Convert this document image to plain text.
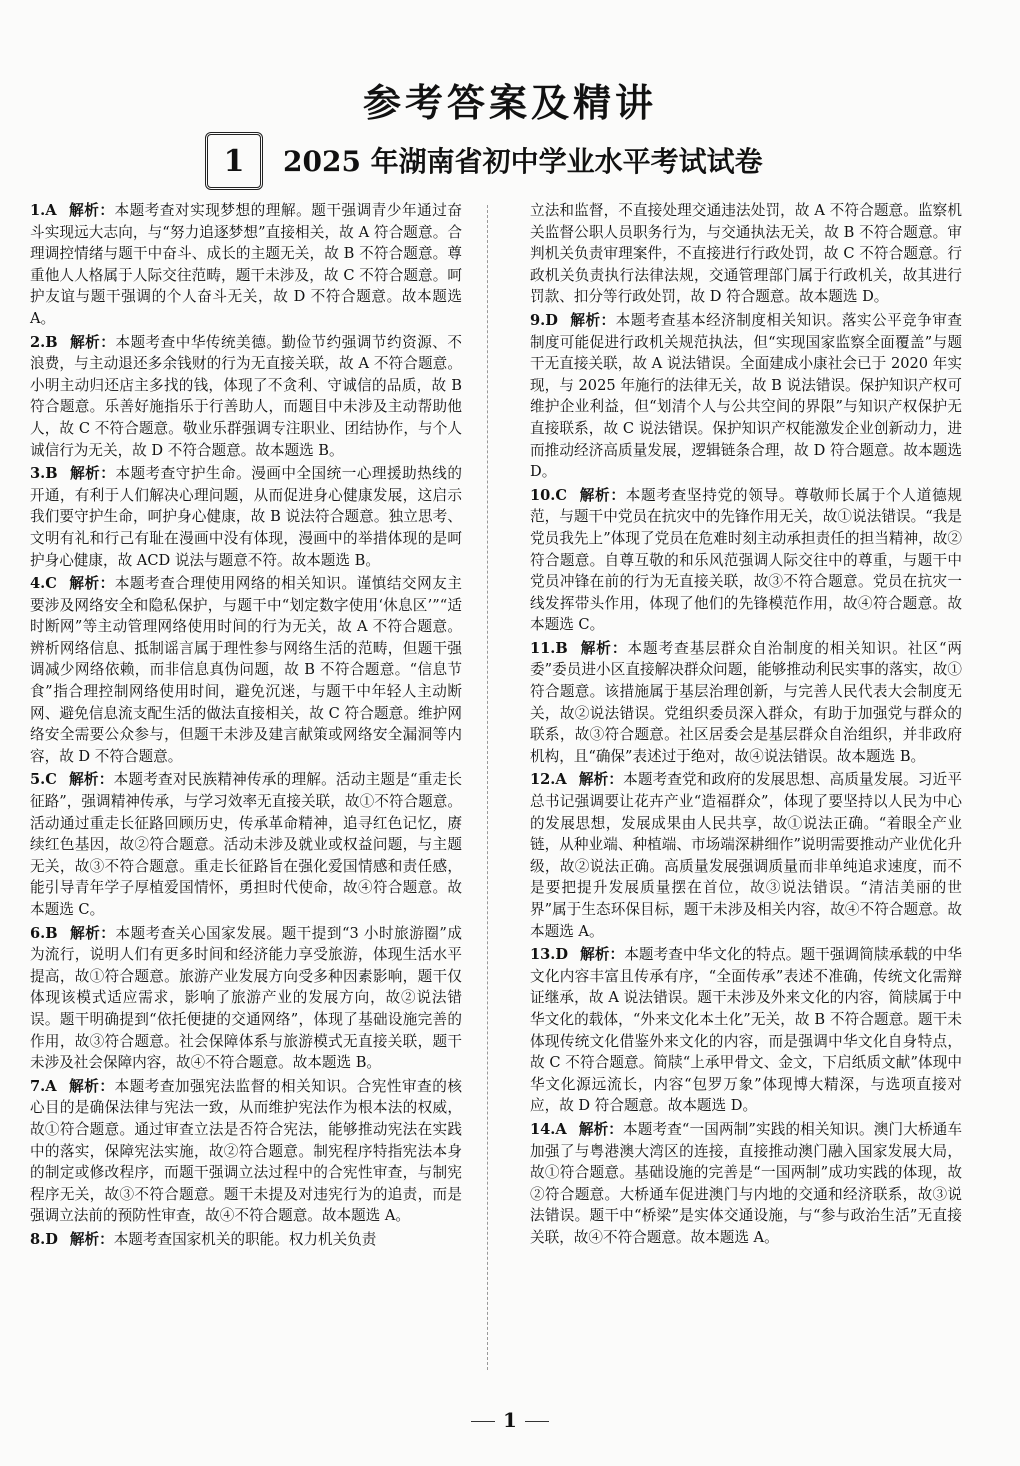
参考答案及精讲
1	2025 年湖南省初中学业水平考试试卷
1.A 解析：本题考查对实现梦想的理解。题干强调青少年通过奋斗实现远大志向，与“努力追逐梦想”直接相关，故 A 符合题意。合理调控情绪与题干中奋斗、成长的主题无关，故 B 不符合题意。尊重他人人格属于人际交往范畴，题干未涉及，故 C 不符合题意。呵护友谊与题干强调的个人奋斗无关，故 D 不符合题意。故本题选 A。
2.B 解析：本题考查中华传统美德。勤俭节约强调节约资源、不浪费，与主动退还多余钱财的行为无直接关联，故 A 不符合题意。小明主动归还店主多找的钱，体现了不贪利、守诚信的品质，故 B 符合题意。乐善好施指乐于行善助人，而题目中未涉及主动帮助他人，故 C 不符合题意。敬业乐群强调专注职业、团结协作，与个人诚信行为无关，故 D 不符合题意。故本题选 B。
3.B 解析：本题考查守护生命。漫画中全国统一心理援助热线的开通，有利于人们解决心理问题，从而促进身心健康发展，这启示我们要守护生命，呵护身心健康，故 B 说法符合题意。独立思考、文明有礼和行己有耻在漫画中没有体现，漫画中的举措体现的是呵护身心健康，故 ACD 说法与题意不符。故本题选 B。
4.C 解析：本题考查合理使用网络的相关知识。谨慎结交网友主要涉及网络安全和隐私保护，与题干中“划定数字使用‘休息区’”“适时断网”等主动管理网络使用时间的行为无关，故 A 不符合题意。辨析网络信息、抵制谣言属于理性参与网络生活的范畴，但题干强调减少网络依赖，而非信息真伪问题，故 B 不符合题意。“信息节食”指合理控制网络使用时间，避免沉迷，与题干中年轻人主动断网、避免信息流支配生活的做法直接相关，故 C 符合题意。维护网络安全需要公众参与，但题干未涉及建言献策或网络安全漏洞等内容，故 D 不符合题意。
5.C 解析：本题考查对民族精神传承的理解。活动主题是“重走长征路”，强调精神传承，与学习效率无直接关联，故①不符合题意。活动通过重走长征路回顾历史，传承革命精神，追寻红色记忆，赓续红色基因，故②符合题意。活动未涉及就业或权益问题，与主题无关，故③不符合题意。重走长征路旨在强化爱国情感和责任感，能引导青年学子厚植爱国情怀，勇担时代使命，故④符合题意。故本题选 C。
6.B 解析：本题考查关心国家发展。题干提到“3 小时旅游圈”成为流行，说明人们有更多时间和经济能力享受旅游，体现生活水平提高，故①符合题意。旅游产业发展方向受多种因素影响，题干仅体现该模式适应需求，影响了旅游产业的发展方向，故②说法错误。题干明确提到“依托便捷的交通网络”，体现了基础设施完善的作用，故③符合题意。社会保障体系与旅游模式无直接关联，题干未涉及社会保障内容，故④不符合题意。故本题选 B。
7.A 解析：本题考查加强宪法监督的相关知识。合宪性审查的核心目的是确保法律与宪法一致，从而维护宪法作为根本法的权威，故①符合题意。通过审查立法是否符合宪法，能够推动宪法在实践中的落实，保障宪法实施，故②符合题意。制宪程序特指宪法本身的制定或修改程序，而题干强调立法过程中的合宪性审查，与制宪程序无关，故③不符合题意。题干未提及对违宪行为的追责，而是强调立法前的预防性审查，故④不符合题意。故本题选 A。
8.D 解析：本题考查国家机关的职能。权力机关负责
立法和监督，不直接处理交通违法处罚，故 A 不符合题意。监察机关监督公职人员职务行为，与交通执法无关，故 B 不符合题意。审判机关负责审理案件，不直接进行行政处罚，故 C 不符合题意。行政机关负责执行法律法规，交通管理部门属于行政机关，故其进行罚款、扣分等行政处罚，故 D 符合题意。故本题选 D。
9.D 解析：本题考查基本经济制度相关知识。落实公平竞争审查制度可能促进行政机关规范执法，但“实现国家监察全面覆盖”与题干无直接关联，故 A 说法错误。全面建成小康社会已于 2020 年实现，与 2025 年施行的法律无关，故 B 说法错误。保护知识产权可维护企业利益，但“划清个人与公共空间的界限”与知识产权保护无直接联系，故 C 说法错误。保护知识产权能激发企业创新动力，进而推动经济高质量发展，逻辑链条合理，故 D 符合题意。故本题选 D。
10.C 解析：本题考查坚持党的领导。尊敬师长属于个人道德规范，与题干中党员在抗灾中的先锋作用无关，故①说法错误。“我是党员我先上”体现了党员在危难时刻主动承担责任的担当精神，故②符合题意。自尊互敬的和乐风范强调人际交往中的尊重，与题干中党员冲锋在前的行为无直接关联，故③不符合题意。党员在抗灾一线发挥带头作用，体现了他们的先锋模范作用，故④符合题意。故本题选 C。
11.B 解析：本题考查基层群众自治制度的相关知识。社区“两委”委员进小区直接解决群众问题，能够推动利民实事的落实，故①符合题意。该措施属于基层治理创新，与完善人民代表大会制度无关，故②说法错误。党组织委员深入群众，有助于加强党与群众的联系，故③符合题意。社区居委会是基层群众自治组织，并非政府机构，且“确保”表述过于绝对，故④说法错误。故本题选 B。
12.A 解析：本题考查党和政府的发展思想、高质量发展。习近平总书记强调要让花卉产业“造福群众”，体现了要坚持以人民为中心的发展思想，发展成果由人民共享，故①说法正确。“着眼全产业链，从种业端、种植端、市场端深耕细作”说明需要推动产业优化升级，故②说法正确。高质量发展强调质量而非单纯追求速度，而不是要把提升发展质量摆在首位，故③说法错误。“清洁美丽的世界”属于生态环保目标，题干未涉及相关内容，故④不符合题意。故本题选 A。
13.D 解析：本题考查中华文化的特点。题干强调简牍承载的中华文化内容丰富且传承有序，“全面传承”表述不准确，传统文化需辩证继承，故 A 说法错误。题干未涉及外来文化的内容，简牍属于中华文化的载体，“外来文化本土化”无关，故 B 不符合题意。题干未体现传统文化借鉴外来文化的内容，而是强调中华文化自身特点，故 C 不符合题意。简牍“上承甲骨文、金文，下启纸质文献”体现中华文化源远流长，内容“包罗万象”体现博大精深，与选项直接对应，故 D 符合题意。故本题选 D。
14.A 解析：本题考查“一国两制”实践的相关知识。澳门大桥通车加强了与粤港澳大湾区的连接，直接推动澳门融入国家发展大局，故①符合题意。基础设施的完善是“一国两制”成功实践的体现，故②符合题意。大桥通车促进澳门与内地的交通和经济联系，故③说法错误。题干中“桥梁”是实体交通设施，与“参与政治生活”无直接关联，故④不符合题意。故本题选 A。
1
